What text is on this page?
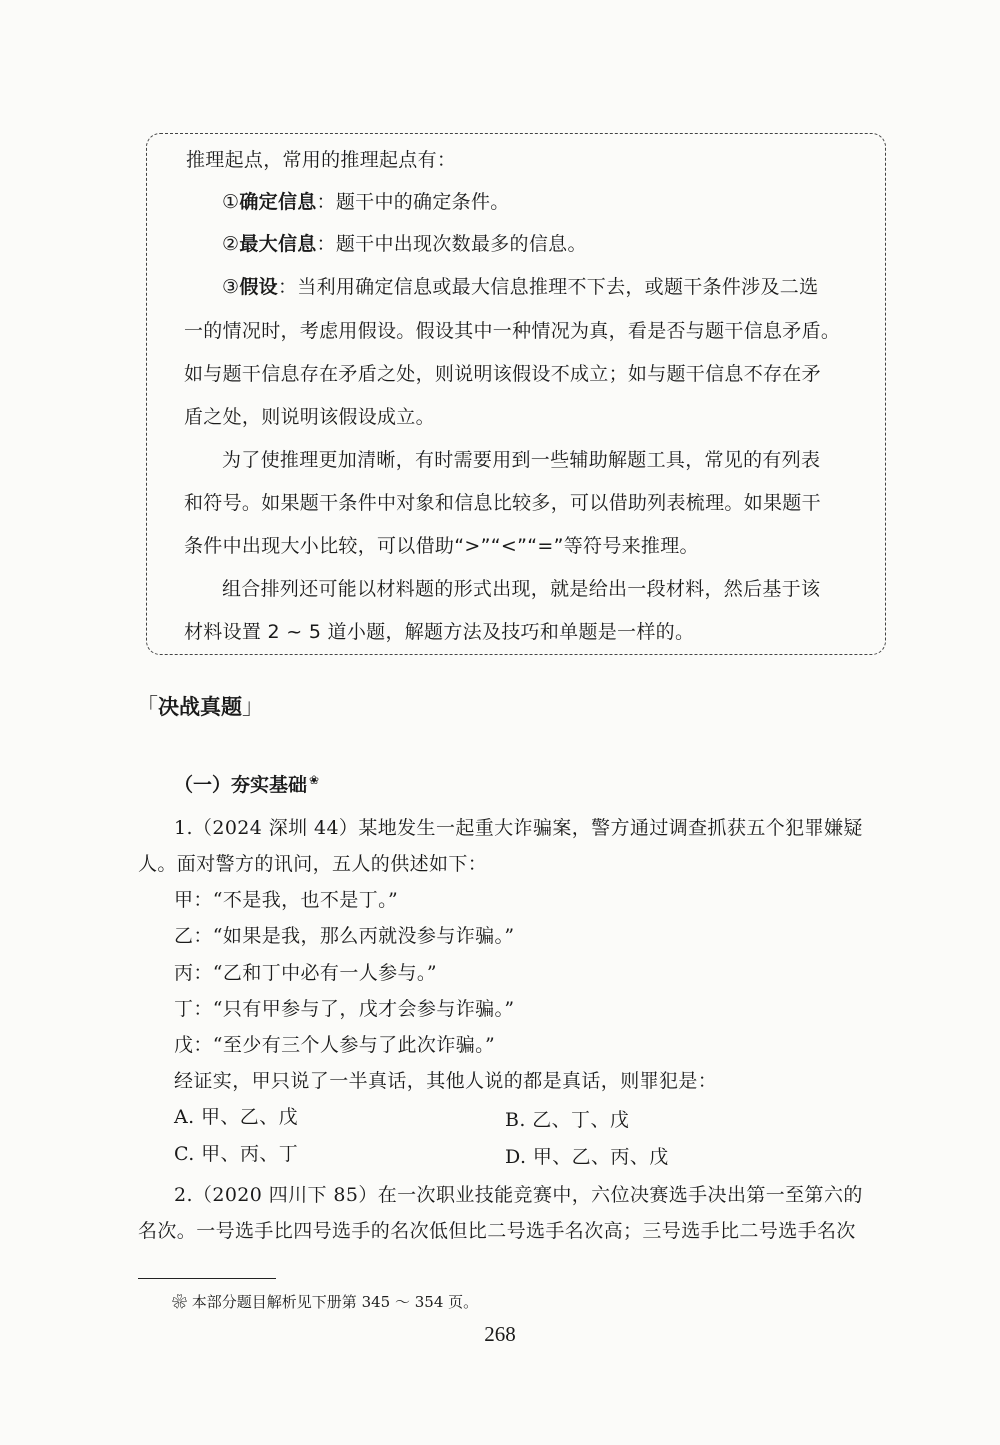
推理起点，常用的推理起点有：
①确定信息：题干中的确定条件。
②最大信息：题干中出现次数最多的信息。
③假设：当利用确定信息或最大信息推理不下去，或题干条件涉及二选
一的情况时，考虑用假设。假设其中一种情况为真，看是否与题干信息矛盾。
如与题干信息存在矛盾之处，则说明该假设不成立；如与题干信息不存在矛
盾之处，则说明该假设成立。
为了使推理更加清晰，有时需要用到一些辅助解题工具，常见的有列表
和符号。如果题干条件中对象和信息比较多，可以借助列表梳理。如果题干
条件中出现大小比较，可以借助“>”“<”“=”等符号来推理。
组合排列还可能以材料题的形式出现，就是给出一段材料，然后基于该
材料设置 2 ~ 5 道小题，解题方法及技巧和单题是一样的。
「决战真题」
（一）夯实基础 ❀
1.（2024 深圳 44）某地发生一起重大诈骗案，警方通过调查抓获五个犯罪嫌疑
人。面对警方的讯问，五人的供述如下：
甲：“不是我，也不是丁。”
乙：“如果是我，那么丙就没参与诈骗。”
丙：“乙和丁中必有一人参与。”
丁：“只有甲参与了，戊才会参与诈骗。”
戊：“至少有三个人参与了此次诈骗。”
经证实，甲只说了一半真话，其他人说的都是真话，则罪犯是：
A. 甲、乙、戊	B. 乙、丁、戊
C. 甲、丙、丁	D. 甲、乙、丙、戊
2.（2020 四川下 85）在一次职业技能竞赛中，六位决赛选手决出第一至第六的
名次。一号选手比四号选手的名次低但比二号选手名次高；三号选手比二号选手名次
❀ 本部分题目解析见下册第 345 ～ 354 页。
268
